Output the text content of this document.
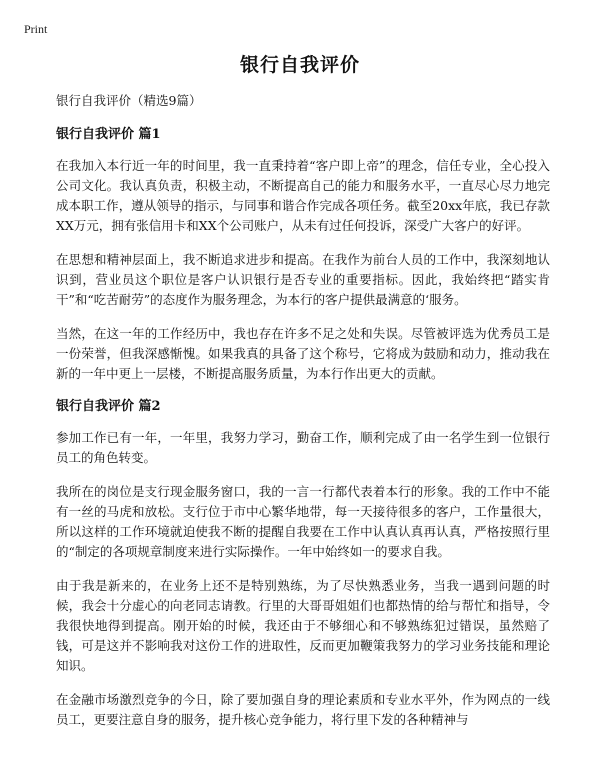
Print
银行自我评价
银行自我评价（精选9篇）
银行自我评价 篇1

在我加入本行近一年的时间里，我一直秉持着“客户即上帝”的理念，信任专业，全心投入公司文化。我认真负责，积极主动，不断提高自己的能力和服务水平，一直尽心尽力地完成本职工作，遵从领导的指示，与同事和谐合作完成各项任务。截至20xx年底，我已存款XX万元，拥有张信用卡和XX个公司账户，从未有过任何投诉，深受广大客户的好评。

在思想和精神层面上，我不断追求进步和提高。在我作为前台人员的工作中，我深刻地认识到，营业员这个职位是客户认识银行是否专业的重要指标。因此，我始终把“踏实肯干”和“吃苦耐劳”的态度作为服务理念，为本行的客户提供最满意的‘服务。

当然，在这一年的工作经历中，我也存在许多不足之处和失误。尽管被评选为优秀员工是一份荣誉，但我深感惭愧。如果我真的具备了这个称号，它将成为鼓励和动力，推动我在新的一年中更上一层楼，不断提高服务质量，为本行作出更大的贡献。

银行自我评价 篇2

参加工作已有一年，一年里，我努力学习，勤奋工作，顺利完成了由一名学生到一位银行员工的角色转变。

我所在的岗位是支行现金服务窗口，我的一言一行都代表着本行的形象。我的工作中不能有一丝的马虎和放松。支行位于市中心繁华地带，每一天接待很多的客户，工作量很大，所以这样的工作环境就迫使我不断的提醒自我要在工作中认真认真再认真，严格按照行里的“制定的各项规章制度来进行实际操作。一年中始终如一的要求自我。

由于我是新来的，在业务上还不是特别熟练，为了尽快熟悉业务，当我一遇到问题的时候，我会十分虚心的向老同志请教。行里的大哥哥姐姐们也都热情的给与帮忙和指导，令我很快地得到提高。刚开始的时候，我还由于不够细心和不够熟练犯过错误，虽然赔了钱，可是这并不影响我对这份工作的进取性，反而更加鞭策我努力的学习业务技能和理论知识。

在金融市场激烈竞争的今日，除了要加强自身的理论素质和专业水平外，作为网点的一线员工，更要注意自身的服务，提升核心竞争能力，将行里下发的各种精神与
